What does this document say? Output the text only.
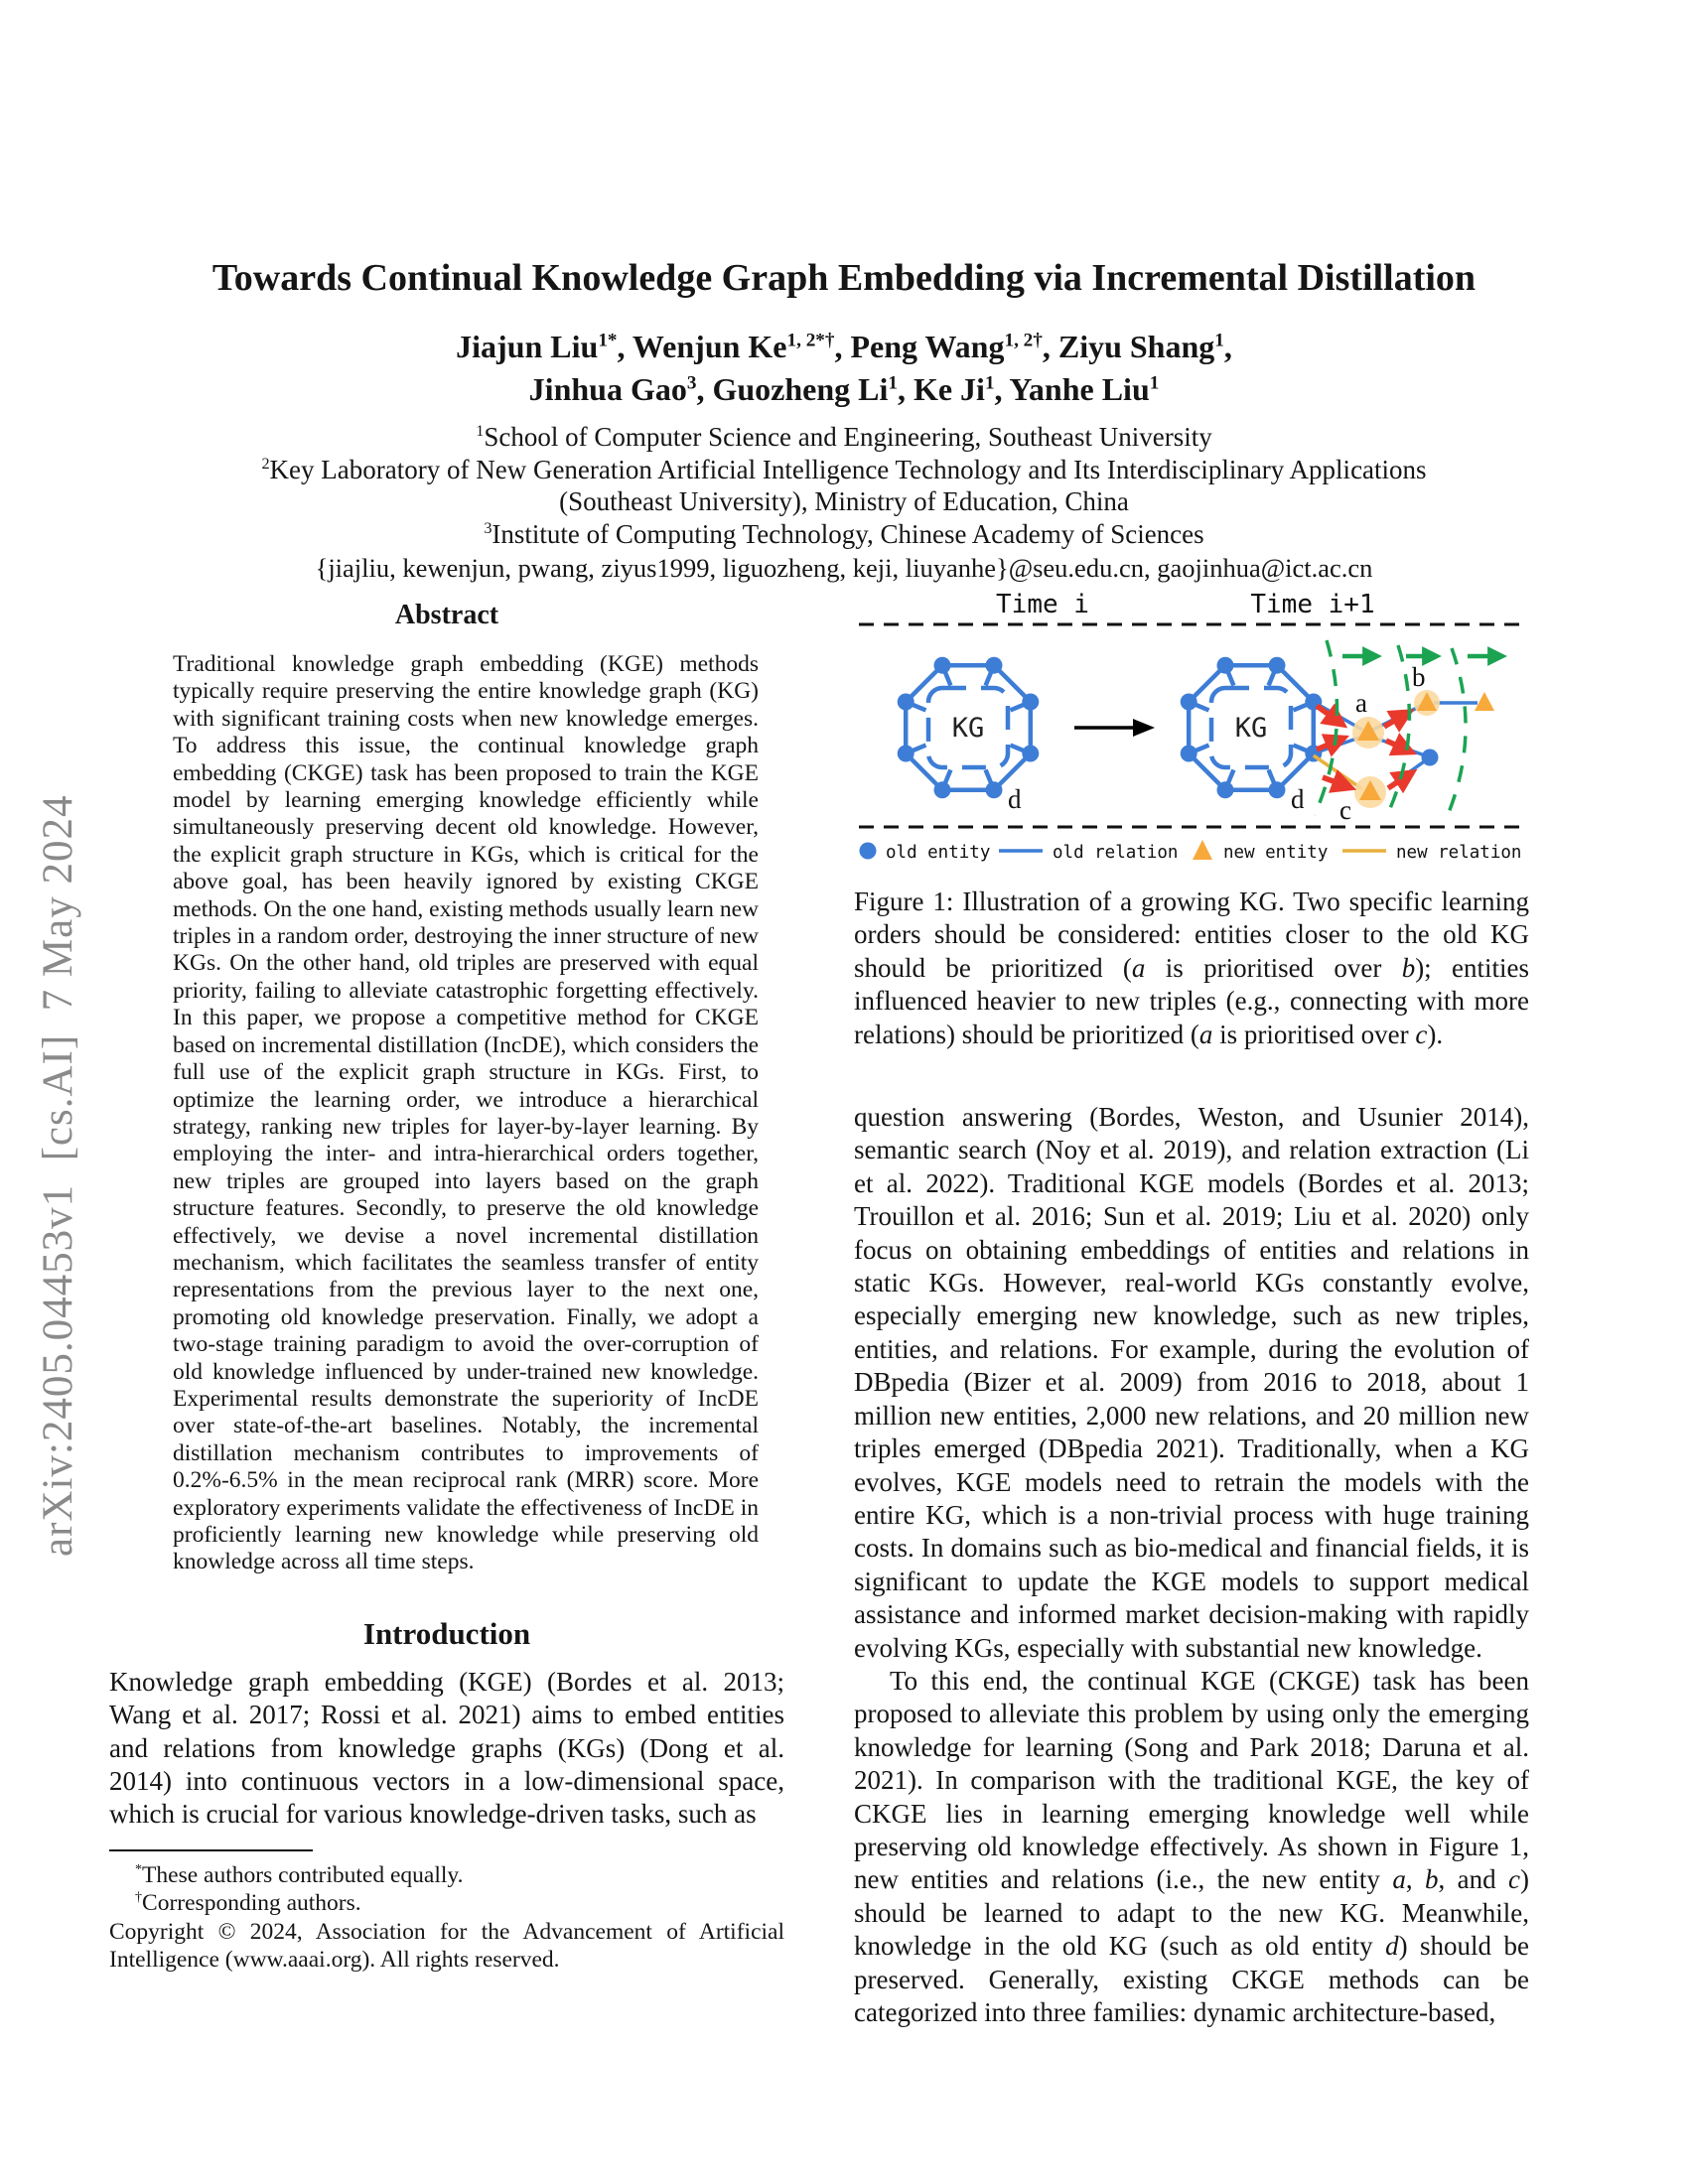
arXiv:2405.04453v1  [cs.AI]  7 May 2024
Towards Continual Knowledge Graph Embedding via Incremental Distillation
Jiajun Liu$^{1*}$, Wenjun $Ke^{1, 2*\dagger}$, Peng Wang$^{1, 2\dagger}$, Ziyu Shang$^1$,
Jinhua Gao$^3$, Guozheng Li$^1$, Ke Ji$^1$, Yanhe Liu$^1$
$^1$School of Computer Science and Engineering, Southeast University
$^2$Key Laboratory of New Generation Artificial Intelligence Technology and Its Interdisciplinary Applications
(Southeast University), Ministry of Education, China
$^3$Institute of Computing Technology, Chinese Academy of Sciences
{jiajliu, kewenjun, pwang, ziyus1999, liguozheng, keji, liuyanhe}@seu.edu.cn, gaojinhua@ict.ac.cn
Abstract
Traditional knowledge graph embedding (KGE) methods typically require preserving the entire knowledge graph (KG) with significant training costs when new knowledge emerges. To address this issue, the continual knowledge graph embedding (CKGE) task has been proposed to train the KGE model by learning emerging knowledge efficiently while simultaneously preserving decent old knowledge. However, the explicit graph structure in KGs, which is critical for the above goal, has been heavily ignored by existing CKGE methods. On the one hand, existing methods usually learn new triples in a random order, destroying the inner structure of new KGs. On the other hand, old triples are preserved with equal priority, failing to alleviate catastrophic forgetting effectively. In this paper, we propose a competitive method for CKGE based on incremental distillation (IncDE), which considers the full use of the explicit graph structure in KGs. First, to optimize the learning order, we introduce a hierarchical strategy, ranking new triples for layer-by-layer learning. By employing the inter- and intra-hierarchical orders together, new triples are grouped into layers based on the graph structure features. Secondly, to preserve the old knowledge effectively, we devise a novel incremental distillation mechanism, which facilitates the seamless transfer of entity representations from the previous layer to the next one, promoting old knowledge preservation. Finally, we adopt a two-stage training paradigm to avoid the over-corruption of old knowledge influenced by under-trained new knowledge. Experimental results demonstrate the superiority of IncDE over state-of-the-art baselines. Notably, the incremental distillation mechanism contributes to improvements of 0.2%-6.5% in the mean reciprocal rank (MRR) score. More exploratory experiments validate the effectiveness of IncDE in proficiently learning new knowledge while preserving old knowledge across all time steps.
Introduction

Knowledge graph embedding (KGE) (Bordes et al. 2013; Wang et al. 2017; Rossi et al. 2021) aims to embed entities and relations from knowledge graphs (KGs) (Dong et al. 2014) into continuous vectors in a low-dimensional space, which is crucial for various knowledge-driven tasks, such as

*These authors contributed equally.
†Corresponding authors.
Copyright © 2024, Association for the Advancement of Artificial Intelligence (www.aaai.org). All rights reserved.
Time i	Time i+1
KG
d
KG
d
a
b
c
old entity	old relation	new entity	new relation
Figure 1: Illustration of a growing KG. Two specific learning orders should be considered: entities closer to the old KG should be prioritized (a is prioritised over b); entities influenced heavier to new triples (e.g., connecting with more relations) should be prioritized (a is prioritised over c).

question answering (Bordes, Weston, and Usunier 2014), semantic search (Noy et al. 2019), and relation extraction (Li et al. 2022). Traditional KGE models (Bordes et al. 2013; Trouillon et al. 2016; Sun et al. 2019; Liu et al. 2020) only focus on obtaining embeddings of entities and relations in static KGs. However, real-world KGs constantly evolve, especially emerging new knowledge, such as new triples, entities, and relations. For example, during the evolution of DBpedia (Bizer et al. 2009) from 2016 to 2018, about 1 million new entities, 2,000 new relations, and 20 million new triples emerged (DBpedia 2021). Traditionally, when a KG evolves, KGE models need to retrain the models with the entire KG, which is a non-trivial process with huge training costs. In domains such as bio-medical and financial fields, it is significant to update the KGE models to support medical assistance and informed market decision-making with rapidly evolving KGs, especially with substantial new knowledge.

To this end, the continual KGE (CKGE) task has been proposed to alleviate this problem by using only the emerging knowledge for learning (Song and Park 2018; Daruna et al. 2021). In comparison with the traditional KGE, the key of CKGE lies in learning emerging knowledge well while preserving old knowledge effectively. As shown in Figure 1, new entities and relations (i.e., the new entity a, b, and c) should be learned to adapt to the new KG. Meanwhile, knowledge in the old KG (such as old entity d) should be preserved. Generally, existing CKGE methods can be categorized into three families: dynamic architecture-based,
